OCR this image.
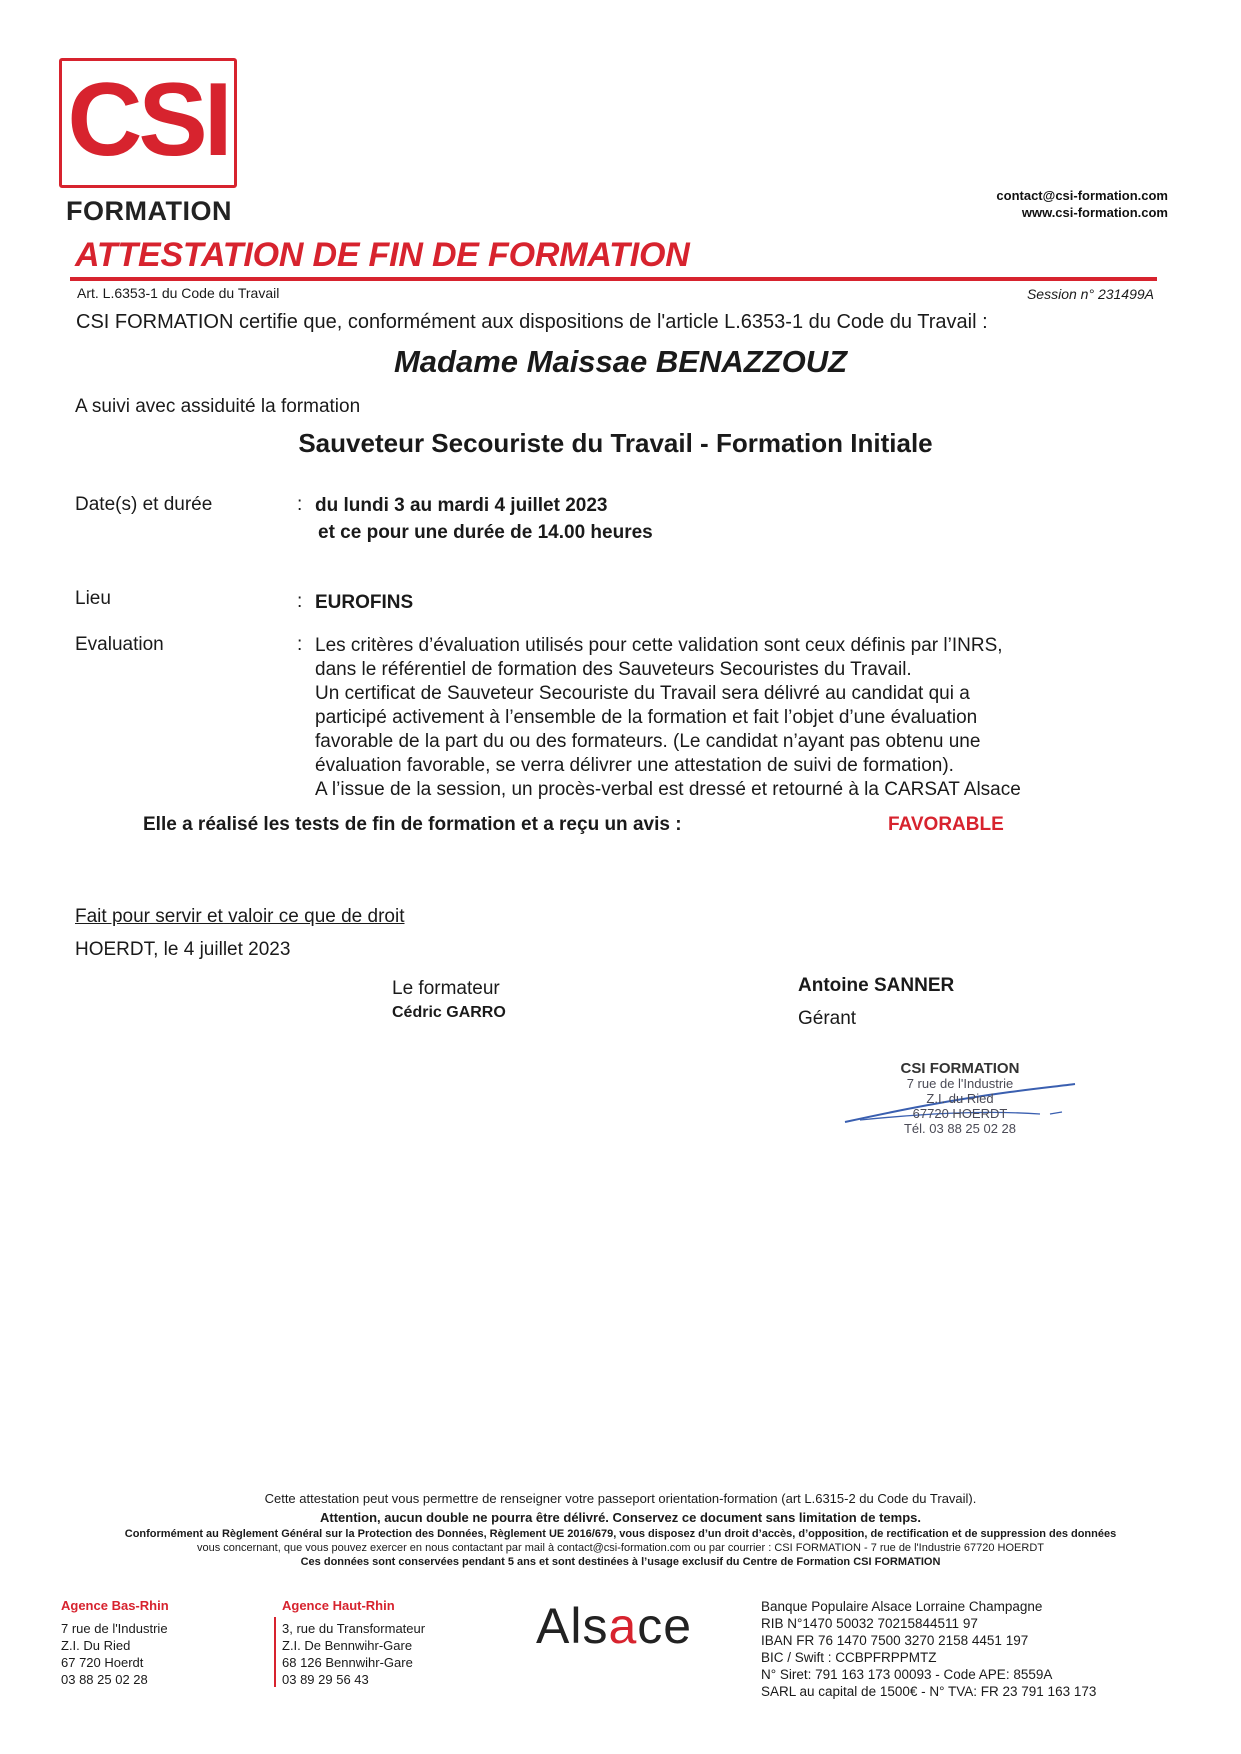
CSI
FORMATION
contact@csi-formation.com
www.csi-formation.com
ATTESTATION DE FIN DE FORMATION
Art. L.6353-1 du Code du Travail	Session n° 231499A
CSI FORMATION certifie que, conformément aux dispositions de l'article L.6353-1 du Code du Travail :
Madame Maissae BENAZZOUZ
A suivi avec assiduité la formation
Sauveteur Secouriste du Travail - Formation Initiale
Date(s) et durée	: du lundi 3 au mardi 4 juillet 2023
et ce pour une durée de 14.00 heures
Lieu	: EUROFINS
Evaluation	: Les critères d’évaluation utilisés pour cette validation sont ceux définis par l’INRS,
dans le référentiel de formation des Sauveteurs Secouristes du Travail.
Un certificat de Sauveteur Secouriste du Travail sera délivré au candidat qui a
participé activement à l’ensemble de la formation et fait l’objet d’une évaluation
favorable de la part du ou des formateurs. (Le candidat n’ayant pas obtenu une
évaluation favorable, se verra délivrer une attestation de suivi de formation).
A l’issue de la session, un procès-verbal est dressé et retourné à la CARSAT Alsace
Elle a réalisé les tests de fin de formation et a reçu un avis :	FAVORABLE
Fait pour servir et valoir ce que de droit
HOERDT, le 4 juillet 2023
Le formateur
Cédric GARRO
Antoine SANNER
Gérant
CSI FORMATION
7 rue de l'Industrie
Z.I. du Ried
67720 HOERDT
Tél. 03 88 25 02 28
Cette attestation peut vous permettre de renseigner votre passeport orientation-formation (art L.6315-2 du Code du Travail).
Attention, aucun double ne pourra être délivré. Conservez ce document sans limitation de temps.
Conformément au Règlement Général sur la Protection des Données, Règlement UE 2016/679, vous disposez d’un droit d’accès, d’opposition, de rectification et de suppression des données
vous concernant, que vous pouvez exercer en nous contactant par mail à contact@csi-formation.com ou par courrier : CSI FORMATION - 7 rue de l'Industrie 67720 HOERDT
Ces données sont conservées pendant 5 ans et sont destinées à l’usage exclusif du Centre de Formation CSI FORMATION
Agence Bas-Rhin
7 rue de l'Industrie
Z.I. Du Ried
67 720 Hoerdt
03 88 25 02 28
Agence Haut-Rhin
3, rue du Transformateur
Z.I. De Bennwihr-Gare
68 126 Bennwihr-Gare
03 89 29 56 43
Alsace	Banque Populaire Alsace Lorraine Champagne
RIB N°1470 50032 70215844511 97
IBAN FR 76 1470 7500 3270 2158 4451 197
BIC / Swift : CCBPFRPPMTZ
N° Siret: 791 163 173 00093 - Code APE: 8559A
SARL au capital de 1500€ - N° TVA: FR 23 791 163 173
